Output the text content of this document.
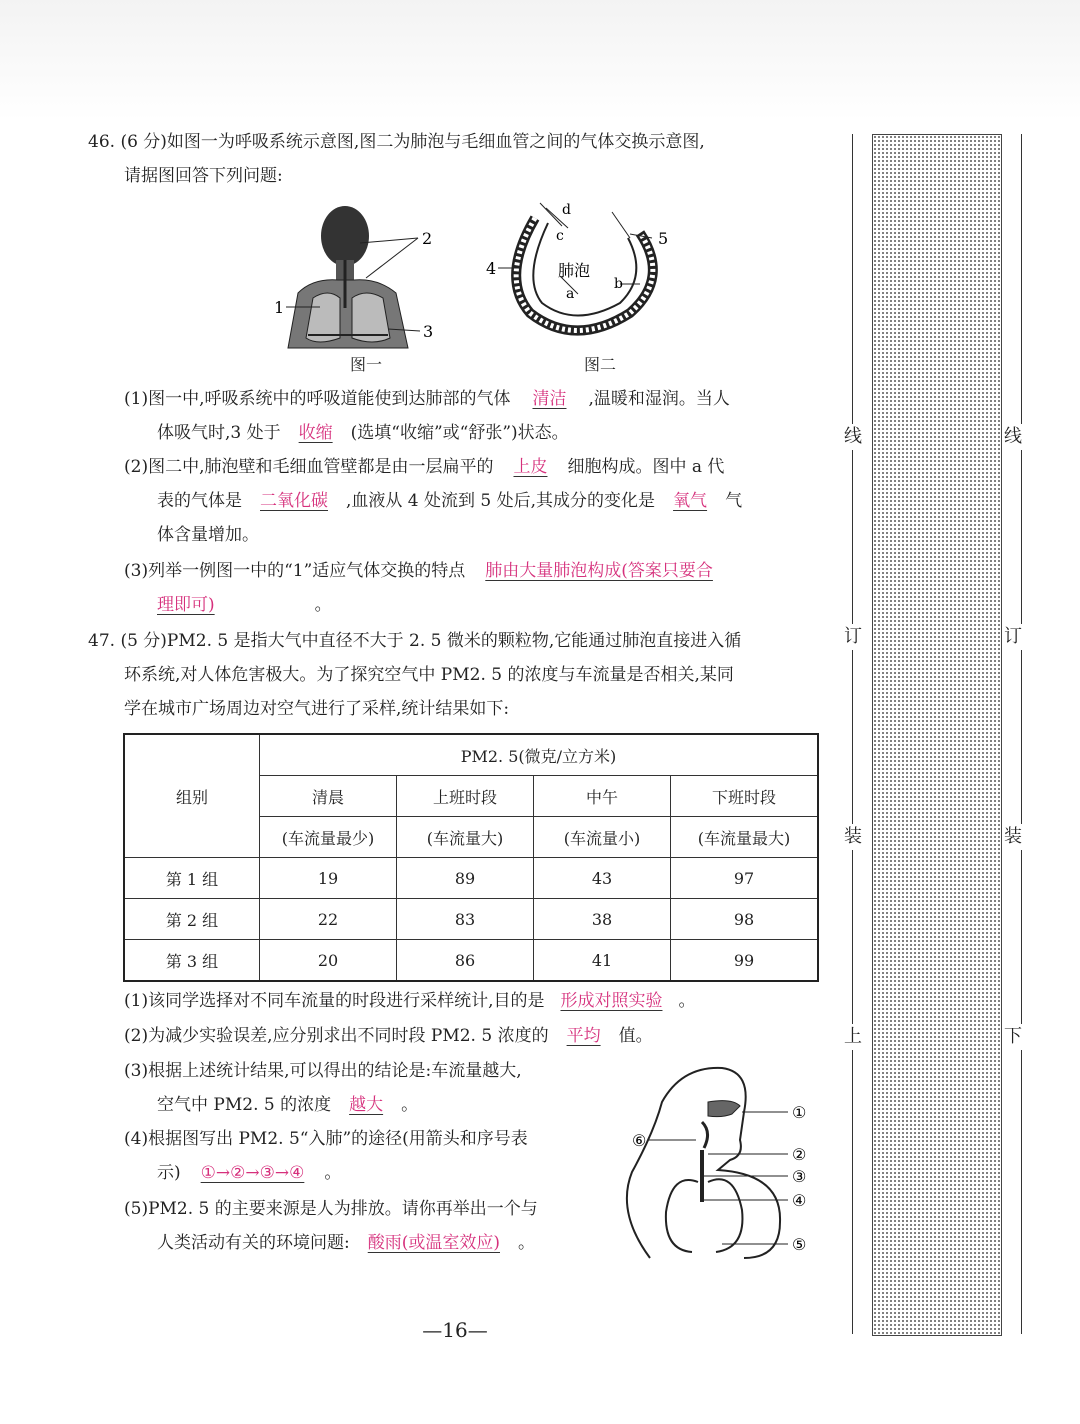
46. (6 分)如图一为呼吸系统示意图,图二为肺泡与毛细血管之间的气体交换示意图,
请据图回答下列问题:
2
1
3
图一
d
c	5
4	肺泡
b
a
图二
(1)图一中,呼吸系统中的呼吸道能使到达肺部的气体 清洁 ,温暖和湿润。当人
体吸气时,3 处于 收缩 (选填“收缩”或“舒张”)状态。
(2)图二中,肺泡壁和毛细血管壁都是由一层扁平的 上皮 细胞构成。图中 a 代
表的气体是 二氧化碳 ,血液从 4 处流到 5 处后,其成分的变化是 氧气 气
体含量增加。
(3)列举一例图一中的“1”适应气体交换的特点 肺由大量肺泡构成(答案只要合
理即可)	。
47. (5 分)PM2. 5 是指大气中直径不大于 2. 5 微米的颗粒物,它能通过肺泡直接进入循
环系统,对人体危害极大。为了探究空气中 PM2. 5 的浓度与车流量是否相关,某同
学在城市广场周边对空气进行了采样,统计结果如下:
组别	PM2. 5(微克/立方米)			
	清晨	上班时段	中午	下班时段
	(车流量最少)	(车流量大)	(车流量小)	(车流量最大)
第 1 组	19	89	43	97
第 2 组	22	83	38	98
第 3 组	20	86	41	99
(1)该同学选择对不同车流量的时段进行采样统计,目的是 形成对照实验 。
(2)为减少实验误差,应分别求出不同时段 PM2. 5 浓度的 平均 值。
(3)根据上述统计结果,可以得出的结论是:车流量越大,
空气中 PM2. 5 的浓度 越大 。
(4)根据图写出 PM2. 5“入肺”的途径(用箭头和序号表
示) ①→②→③→④ 。
(5)PM2. 5 的主要来源是人为排放。请你再举出一个与
人类活动有关的环境问题: 酸雨(或温室效应) 。
①
②
③
④
⑤
⑥
线
订
装
上
线
订
装
下
—16—
